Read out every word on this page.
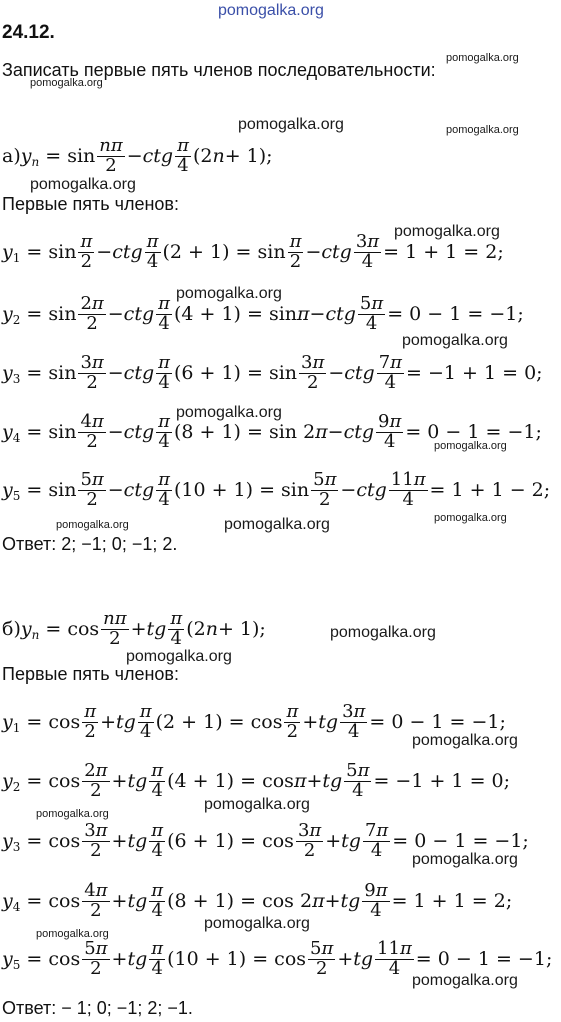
pomogalka.org
pomogalka.org
pomogalka.org
pomogalka.org	pomogalka.org
pomogalka.org
pomogalka.org
pomogalka.org
pomogalka.org
pomogalka.org
pomogalka.org
pomogalka.org	pomogalka.org	pomogalka.org
pomogalka.org
pomogalka.org
pomogalka.org
pomogalka.org
pomogalka.org
pomogalka.org
pomogalka.org
pomogalka.org
pomogalka.org
24.12.
Записать первые пять членов последовательности:
а) y $n = \sin \frac{n\pi}{2}$ − ctg $\frac{\pi}{4} (2$ n + 1);
Первые пять членов:
y $1 = \sin \frac{\pi}{2}$ − ctg $\frac{\pi}{4} (2 + 1) = \sin \frac{\pi}{2}$ − ctg $\frac{3\pi}{4} = 1 + 1 = 2$;
y $2 = \sin \frac{2\pi}{2}$ − ctg $\frac{\pi}{4} (4 + 1) = \sin \pi$ − ctg $\frac{5\pi}{4} = 0 - 1 = -1$;
y $3 = \sin \frac{3\pi}{2}$ − ctg $\frac{\pi}{4} (6 + 1) = \sin \frac{3\pi}{2}$ − ctg $\frac{7\pi}{4} = -1 + 1 = 0$;
y $4 = \sin \frac{4\pi}{2}$ − ctg $\frac{\pi}{4} (8 + 1) = \sin 2$ π − ctg $\frac{9\pi}{4} = 0 - 1 = -1$;
y $5 = \sin \frac{5\pi}{2}$ − ctg $\frac{\pi}{4} (10 + 1) = \sin \frac{5\pi}{2}$ − ctg $\frac{11\pi}{4} = 1 + 1 - 2$;
Ответ: 2; −1; 0; −1; 2.
б) y $n = \cos \frac{n\pi}{2}$ + tg $\frac{\pi}{4} (2$ n + 1);
Первые пять членов:
y $1 = \cos \frac{\pi}{2}$ + tg $\frac{\pi}{4} (2 + 1) = \cos \frac{\pi}{2}$ + tg $\frac{3\pi}{4} = 0 - 1 = -1$;
y $2 = \cos \frac{2\pi}{2}$ + tg $\frac{\pi}{4} (4 + 1) = \cos \pi$ + tg $\frac{5\pi}{4} = -1 + 1 = 0$;
y $3 = \cos \frac{3\pi}{2}$ + tg $\frac{\pi}{4} (6 + 1) = \cos \frac{3\pi}{2}$ + tg $\frac{7\pi}{4} = 0 - 1 = -1$;
y $4 = \cos \frac{4\pi}{2}$ + tg $\frac{\pi}{4} (8 + 1) = \cos 2$ π + tg $\frac{9\pi}{4} = 1 + 1 = 2$;
y $5 = \cos \frac{5\pi}{2}$ + tg $\frac{\pi}{4} (10 + 1) = \cos \frac{5\pi}{2}$ + tg $\frac{11\pi}{4} = 0 - 1 = -1$;
Ответ: − 1; 0; −1; 2; −1.
